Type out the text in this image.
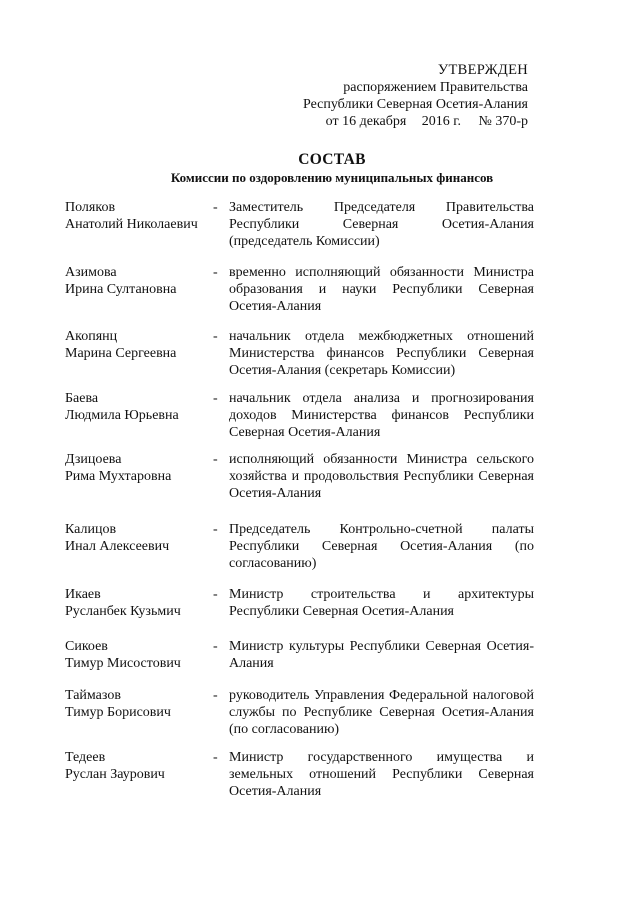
УТВЕРЖДЕН
распоряжением Правительства
Республики Северная Осетия-Алания
от 16 декабря 2016 г. № 370-р
СОСТАВ
Комиссии по оздоровлению муниципальных финансов
Поляков
Анатолий Николаевич
- Заместитель Председателя Правительства Республики Северная Осетия-Алания (председатель Комиссии)
Азимова
Ирина Султановна
- временно исполняющий обязанности Министра образования и науки Республики Северная Осетия-Алания
Акопянц
Марина Сергеевна
- начальник отдела межбюджетных отношений Министерства финансов Республики Северная Осетия-Алания (секретарь Комиссии)
Баева
Людмила Юрьевна
- начальник отдела анализа и прогнозирования доходов Министерства финансов Республики Северная Осетия-Алания
Дзицоева
Рима Мухтаровна
- исполняющий обязанности Министра сельского хозяйства и продовольствия Республики Северная Осетия-Алания
Калицов
Инал Алексеевич
- Председатель Контрольно-счетной палаты Республики Северная Осетия-Алания (по согласованию)
Икаев
Русланбек Кузьмич
- Министр строительства и архитектуры Республики Северная Осетия-Алания
Сикоев
Тимур Мисостович
- Министр культуры Республики Северная Осетия-Алания
Таймазов
Тимур Борисович
- руководитель Управления Федеральной налоговой службы по Республике Северная Осетия-Алания (по согласованию)
Тедеев
Руслан Заурович
- Министр государственного имущества и земельных отношений Республики Северная Осетия-Алания
